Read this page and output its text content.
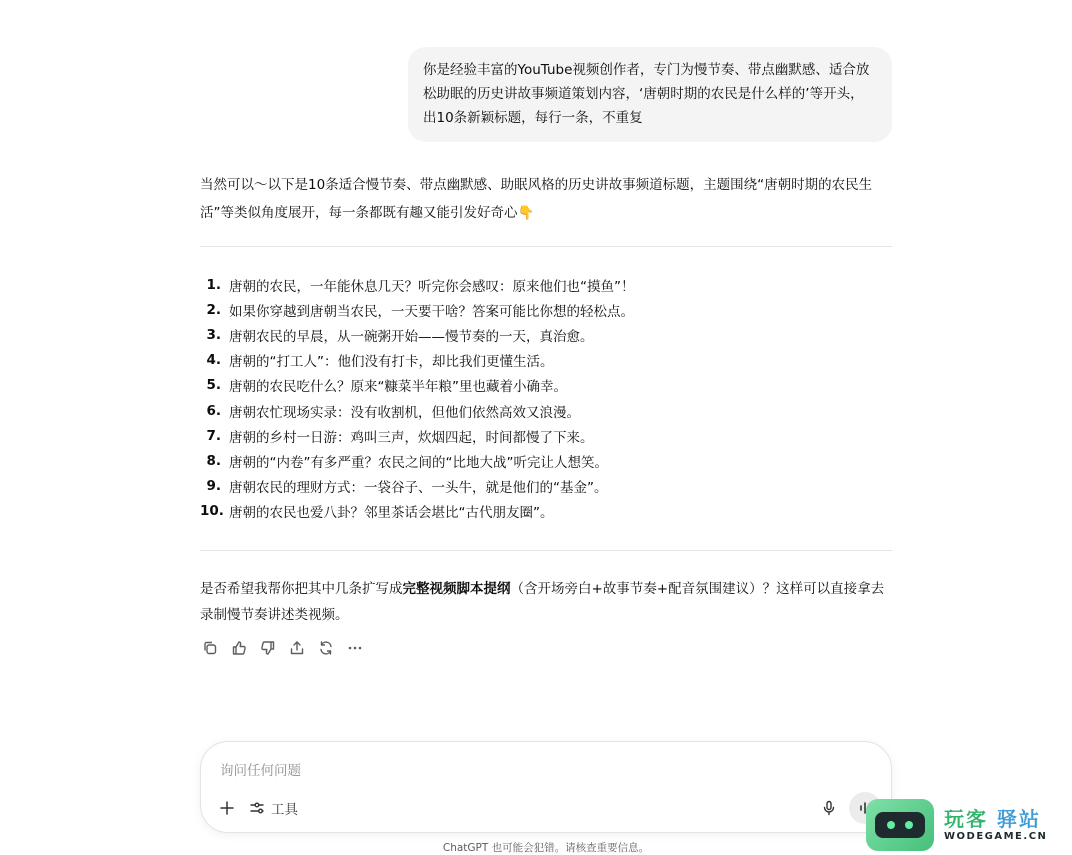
你是经验丰富的YouTube视频创作者，专门为慢节奏、带点幽默感、适合放松助眠的历史讲故事频道策划内容，‘唐朝时期的农民是什么样的’等开头，出10条新颖标题，每行一条，不重复
当然可以～以下是10条适合慢节奏、带点幽默感、助眠风格的历史讲故事频道标题，主题围绕“唐朝时期的农民生活”等类似角度展开，每一条都既有趣又能引发好奇心👇
1. 唐朝的农民，一年能休息几天？听完你会感叹：原来他们也“摸鱼”！
2. 如果你穿越到唐朝当农民，一天要干啥？答案可能比你想的轻松点。
3. 唐朝农民的早晨，从一碗粥开始——慢节奏的一天，真治愈。
4. 唐朝的“打工人”：他们没有打卡，却比我们更懂生活。
5. 唐朝的农民吃什么？原来“糠菜半年粮”里也藏着小确幸。
6. 唐朝农忙现场实录：没有收割机，但他们依然高效又浪漫。
7. 唐朝的乡村一日游：鸡叫三声，炊烟四起，时间都慢了下来。
8. 唐朝的“内卷”有多严重？农民之间的“比地大战”听完让人想笑。
9. 唐朝农民的理财方式：一袋谷子、一头牛，就是他们的“基金”。
10. 唐朝的农民也爱八卦？邻里茶话会堪比“古代朋友圈”。
是否希望我帮你把其中几条扩写成完整视频脚本提纲（含开场旁白+故事节奏+配音氛围建议）？这样可以直接拿去录制慢节奏讲述类视频。
询问任何问题
工具
ChatGPT 也可能会犯错。请核查重要信息。
玩客 驿站
WODEGAME.CN
